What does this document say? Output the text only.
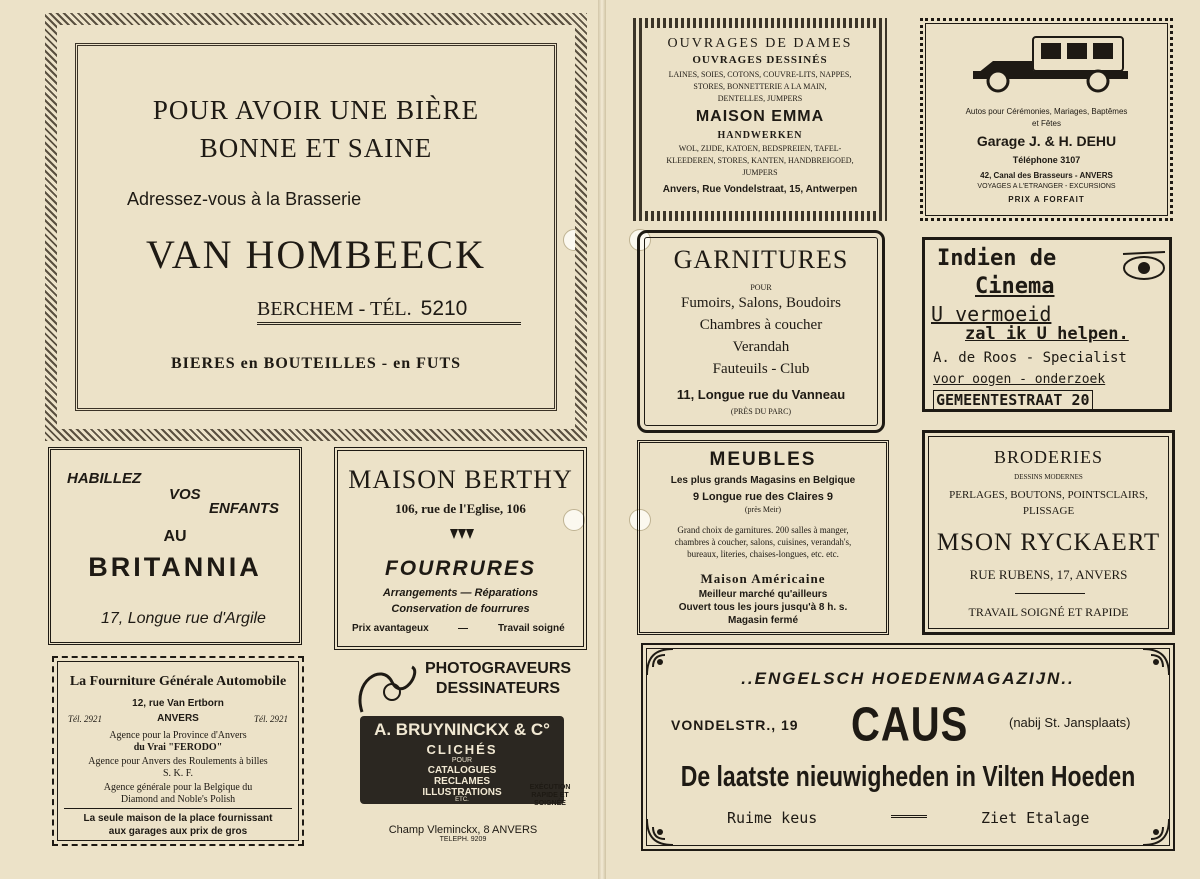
POUR AVOIR UNE BIÈRE
BONNE ET SAINE
Adressez-vous à la Brasserie
VAN HOMBEECK
BERCHEM - TÉL. 5210
BIERES en BOUTEILLES - en FUTS
HABILLEZ
VOS
ENFANTS
AU
BRITANNIA
17, Longue rue d'Argile
MAISON BERTHY
106, rue de l'Eglise, 106
FOURRURES
Arrangements — Réparations
Conservation de fourrures
Prix avantageux	—	Travail soigné
La Fourniture Générale Automobile
12, rue Van Ertborn
Tél. 2921	ANVERS	Tél. 2921
Agence pour la Province d'Anvers
du Vrai "FERODO"
Agence pour Anvers des Roulements à billes
S. K. F.
Agence générale pour la Belgique du
Diamond and Noble's Polish
La seule maison de la place fournissant
aux garages aux prix de gros
PHOTOGRAVEURS
DESSINATEURS
A. BRUYNINCKX & C°
CLICHÉS
POUR
CATALOGUES
RECLAMES
ILLUSTRATIONS
ETC.
EXÉCUTION RAPIDE ET SOIGNÉE
Champ Vleminckx, 8 ANVERS
TELEPH. 9209
OUVRAGES DE DAMES
OUVRAGES DESSINÉS
LAINES, SOIES, COTONS, COUVRE-LITS, NAPPES,
STORES, BONNETTERIE A LA MAIN,
DENTELLES, JUMPERS
MAISON EMMA
HANDWERKEN
WOL, ZIJDE, KATOEN, BEDSPREIEN, TAFEL-
KLEEDEREN, STORES, KANTEN, HANDBREIGOED,
JUMPERS
Anvers, Rue Vondelstraat, 15, Antwerpen
Autos pour Cérémonies, Mariages, Baptêmes
et Fêtes
Garage J. & H. DEHU
Téléphone 3107
42, Canal des Brasseurs - ANVERS
VOYAGES A L'ETRANGER - EXCURSIONS
PRIX A FORFAIT
GARNITURES
POUR
Fumoirs, Salons, Boudoirs
Chambres à coucher
Verandah
Fauteuils - Club
11, Longue rue du Vanneau
(PRÈS DU PARC)
Indien de
Cinema
U vermoeid
zal ik U helpen.
A. de Roos - Specialist
voor oogen - onderzoek
GEMEENTESTRAAT 20
MEUBLES
Les plus grands Magasins en Belgique
9 Longue rue des Claires 9
(près Meir)
Grand choix de garnitures. 200 salles à manger,
chambres à coucher, salons, cuisines, verandah's,
bureaux, literies, chaises-longues, etc. etc.
Maison Américaine
Meilleur marché qu'ailleurs
Ouvert tous les jours jusqu'à 8 h. s.
Magasin fermé
BRODERIES
DESSINS MODERNES
PERLAGES, BOUTONS, POINTSCLAIRS,
PLISSAGE
MSON RYCKAERT
RUE RUBENS, 17, ANVERS
TRAVAIL SOIGNÉ ET RAPIDE
..ENGELSCH HOEDENMAGAZIJN..
VONDELSTR., 19 CAUS	(nabij St. Jansplaats)
De laatste nieuwigheden in Vilten Hoeden
Ruime keus	Ziet Etalage
